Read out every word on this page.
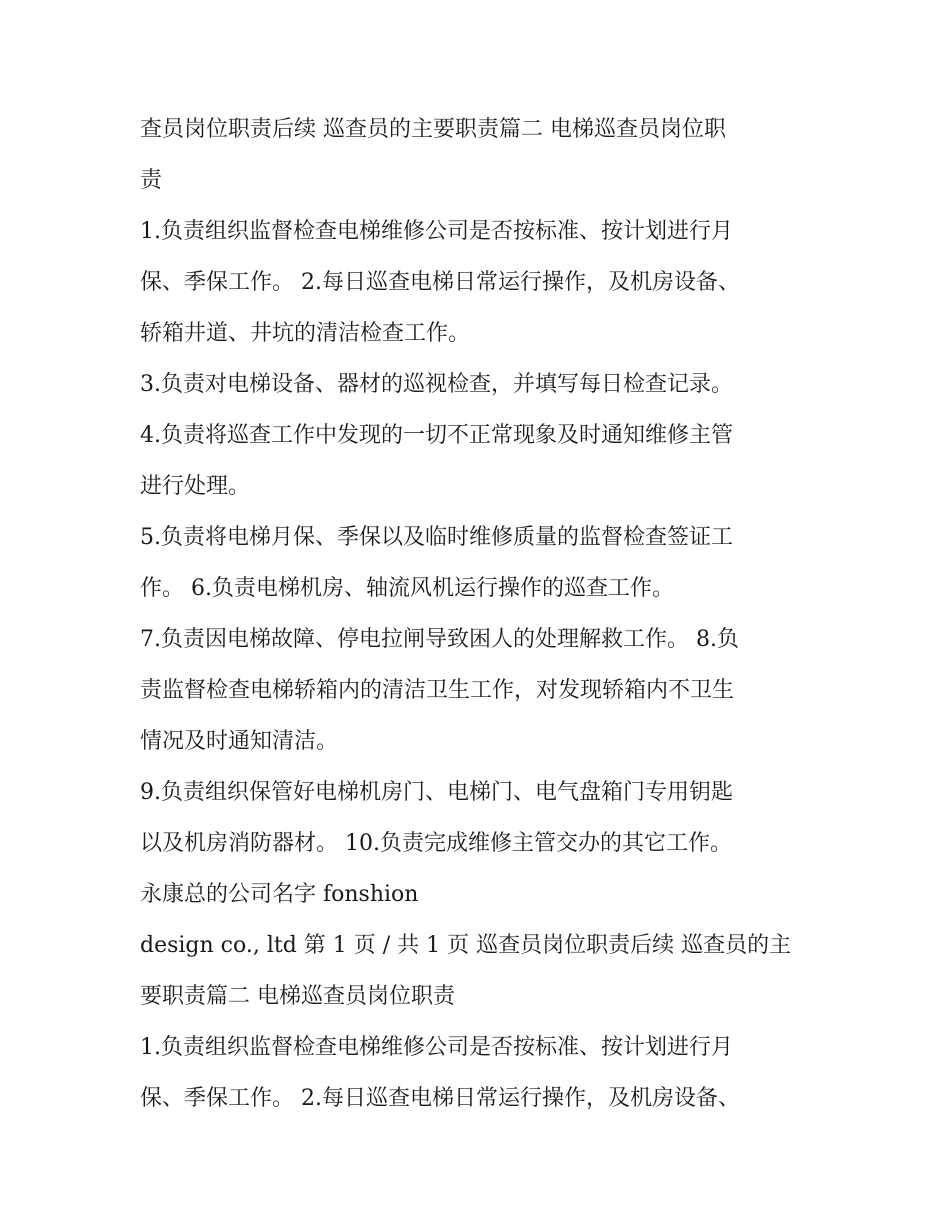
查员岗位职责后续 巡查员的主要职责篇二 电梯巡查员岗位职
责
1.负责组织监督检查电梯维修公司是否按标准、按计划进行月
保、季保工作。 2.每日巡查电梯日常运行操作，及机房设备、
轿箱井道、井坑的清洁检查工作。
3.负责对电梯设备、器材的巡视检查，并填写每日检查记录。
4.负责将巡查工作中发现的一切不正常现象及时通知维修主管
进行处理。
5.负责将电梯月保、季保以及临时维修质量的监督检查签证工
作。 6.负责电梯机房、轴流风机运行操作的巡查工作。
7.负责因电梯故障、停电拉闸导致困人的处理解救工作。 8.负
责监督检查电梯轿箱内的清洁卫生工作，对发现轿箱内不卫生
情况及时通知清洁。
9.负责组织保管好电梯机房门、电梯门、电气盘箱门专用钥匙
以及机房消防器材。 10.负责完成维修主管交办的其它工作。
永康总的公司名字 fonshion
design co., ltd 第 1 页 / 共 1 页 巡查员岗位职责后续 巡查员的主
要职责篇二 电梯巡查员岗位职责
1.负责组织监督检查电梯维修公司是否按标准、按计划进行月
保、季保工作。 2.每日巡查电梯日常运行操作，及机房设备、
